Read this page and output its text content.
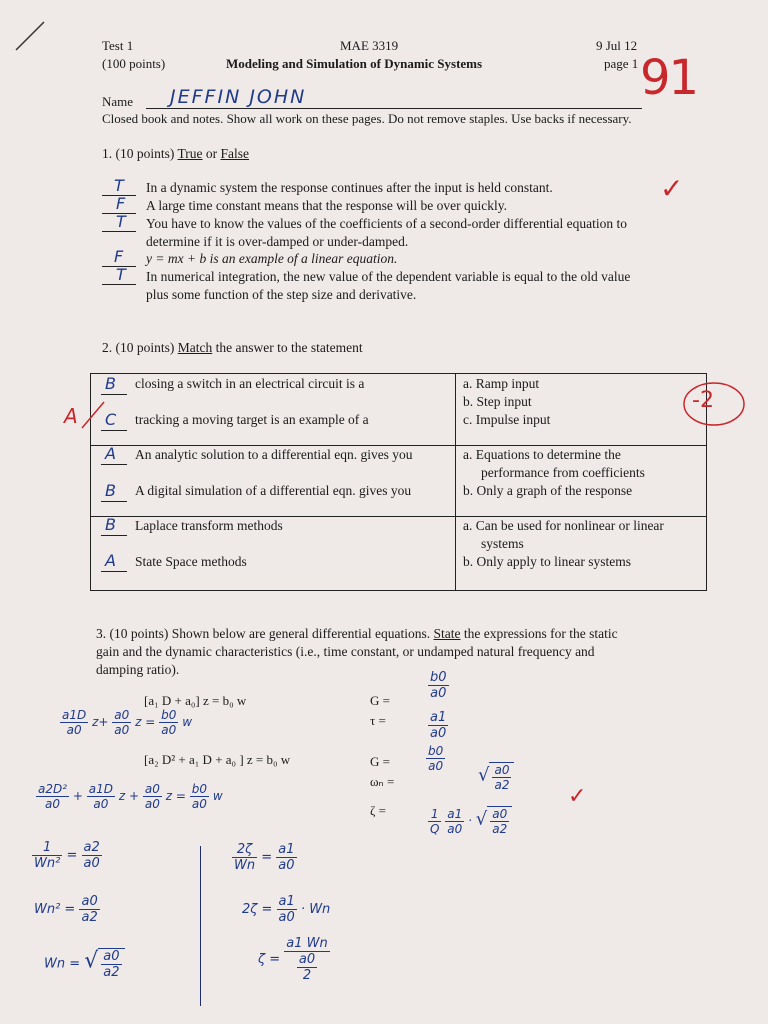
Test 1
(100 points)
MAE 3319
Modeling and Simulation of Dynamic Systems
9 Jul 12
page 1 91
Name JEFFIN JOHN
Closed book and notes. Show all work on these pages. Do not remove staples. Use backs if necessary.
1. (10 points) True or False
✓
T In a dynamic system the response continues after the input is held constant.
F A large time constant means that the response will be over quickly.
T You have to know the values of the coefficients of a second-order differential equation to
determine if it is over-damped or under-damped.
F y = mx + b is an example of a linear equation.
T In numerical integration, the new value of the dependent variable is equal to the old value
plus some function of the step size and derivative.
2. (10 points) Match the answer to the statement
B closing a switch in an electrical circuit is a
C tracking a moving target is an example of a
a. Ramp input
b. Step input
c. Impulse input
A An analytic solution to a differential eqn. gives you
B A digital simulation of a differential eqn. gives you
a. Equations to determine the
performance from coefficients
b. Only a graph of the response
B Laplace transform methods
A State Space methods
a. Can be used for nonlinear or linear
systems
b. Only apply to linear systems
A
-2
3. (10 points) Shown below are general differential equations. State the expressions for the static
gain and the dynamic characteristics (i.e., time constant, or undamped natural frequency and
damping ratio).
[a₁ D + a₀] z = b₀ w
[a₂ D² + a₁ D + a₀ ] z = b₀ w
G =
τ =
G =
ωₙ =
ζ =
$\frac{b0}{a0}$
$\frac{a1}{a0}$
$\frac{b0}{a0}$
√ $\frac{a0}{a2}$
$\frac{1}{Q}$
$\frac{a1}{a0}$ · √ $\frac{a0}{a2}$
✓
$\frac{a1D}{a0} z+ \frac{a0}{a0}$ $z = \frac{b0}{a0}$ w
$\frac{\text{a2D²}}{a0} + \frac{a1D}{a0}$ $z + \frac{a0}{a0}$ $z = \frac{b0}{a0}$ w
$\frac{1}{\text{Wn²}} = \frac{a2}{a0}$
$Wn^2 = \frac{a0}{a2}$
Wn = √ $\frac{a0}{a2}$
$\frac{2\zeta}{Wn} = \frac{a1}{a0}$
$2\zeta = \frac{a1}{a0} \cdot Wn$
$\zeta = \frac{a1 Wn}{\frac{a0}{2}}$
